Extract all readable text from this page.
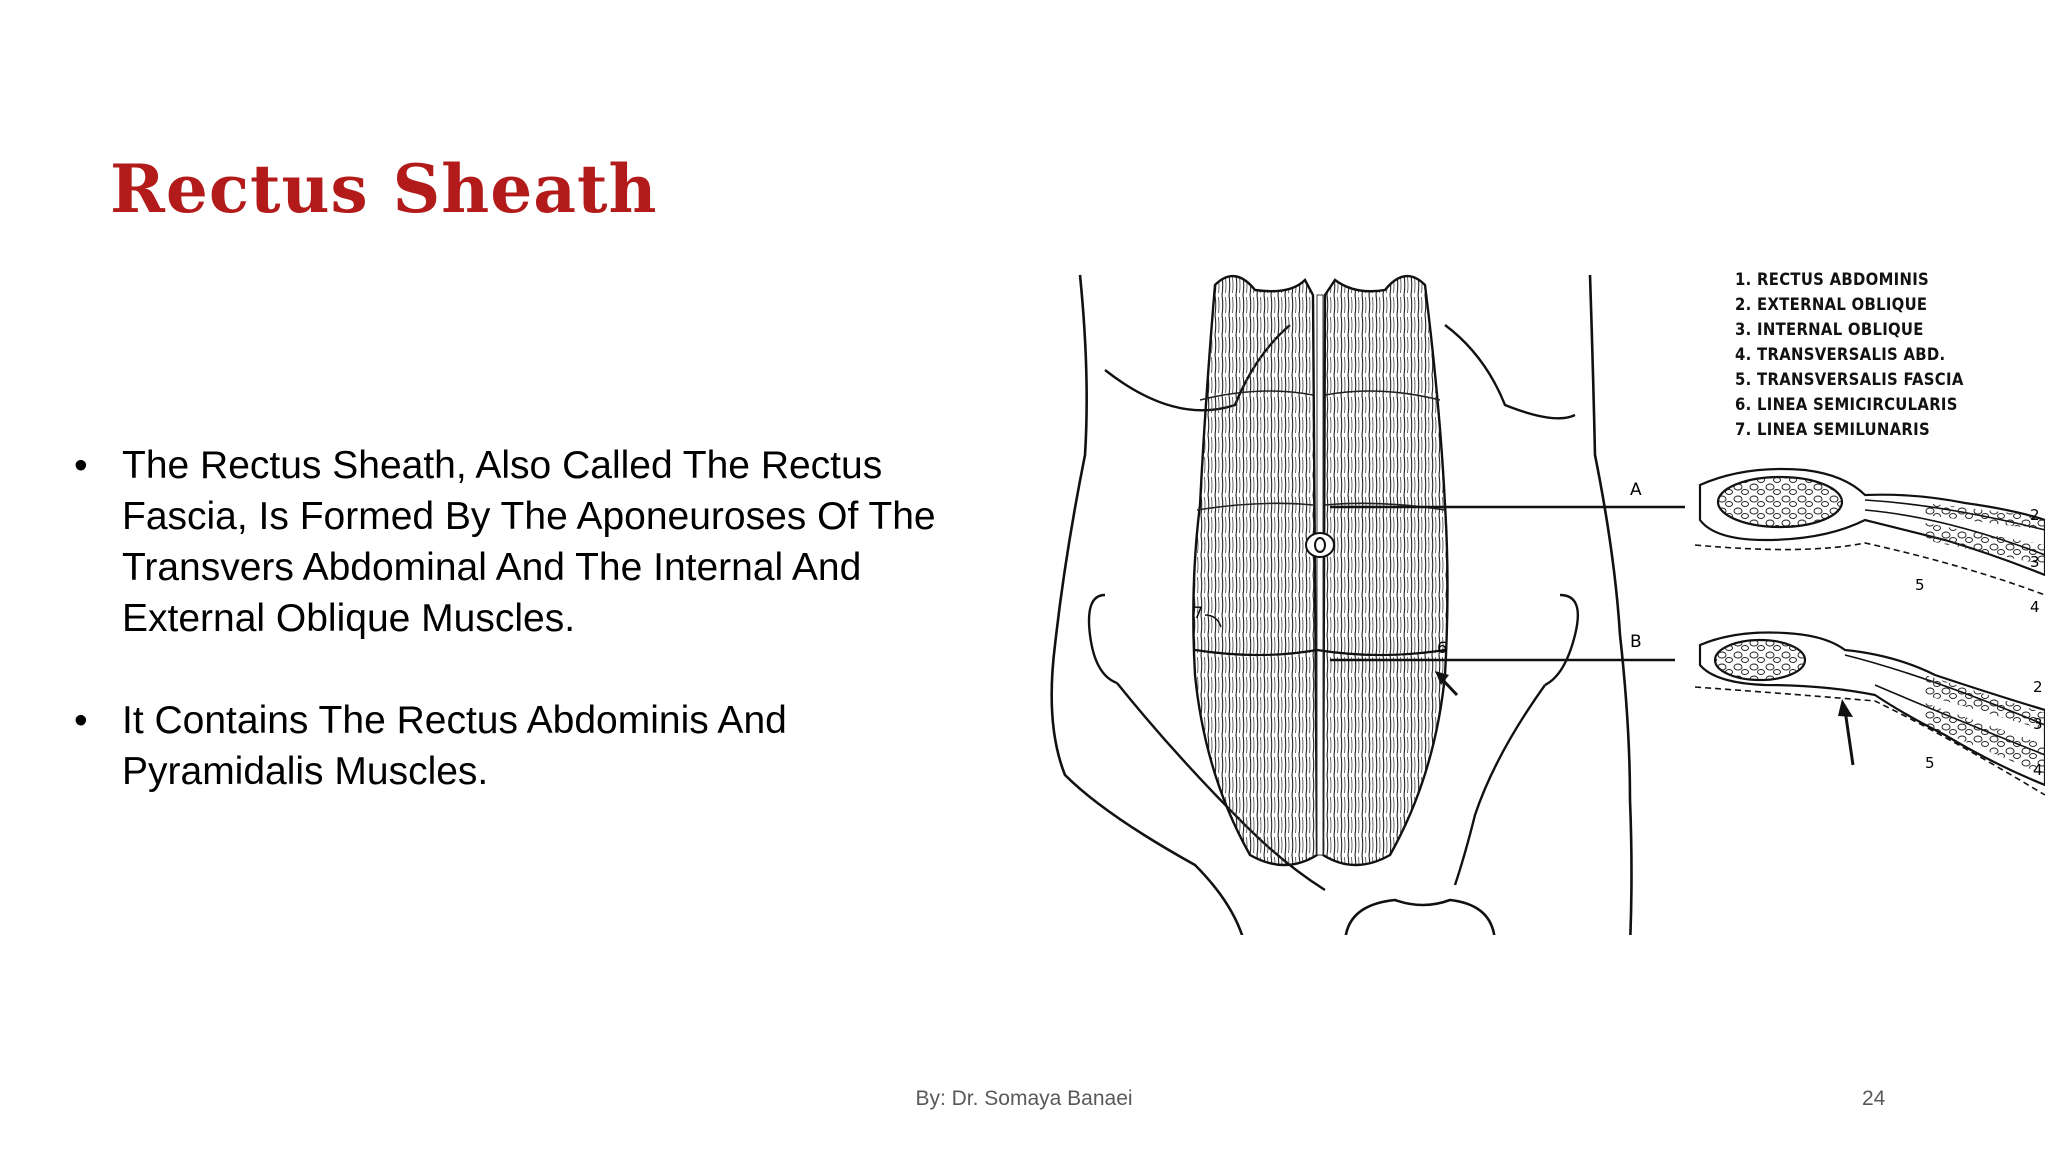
Rectus Sheath
• The Rectus Sheath, Also Called The Rectus Fascia, Is Formed By The Aponeuroses Of The Transvers Abdominal And The Internal And External Oblique Muscles.
• It Contains The Rectus Abdominis And Pyramidalis Muscles.
A
B
6
7
2
3
4
5
2
3
4
5
1. RECTUS ABDOMINIS
2. EXTERNAL OBLIQUE
3. INTERNAL OBLIQUE
4. TRANSVERSALIS ABD.
5. TRANSVERSALIS FASCIA
6. LINEA SEMICIRCULARIS
7. LINEA SEMILUNARIS
By: Dr. Somaya Banaei	24
